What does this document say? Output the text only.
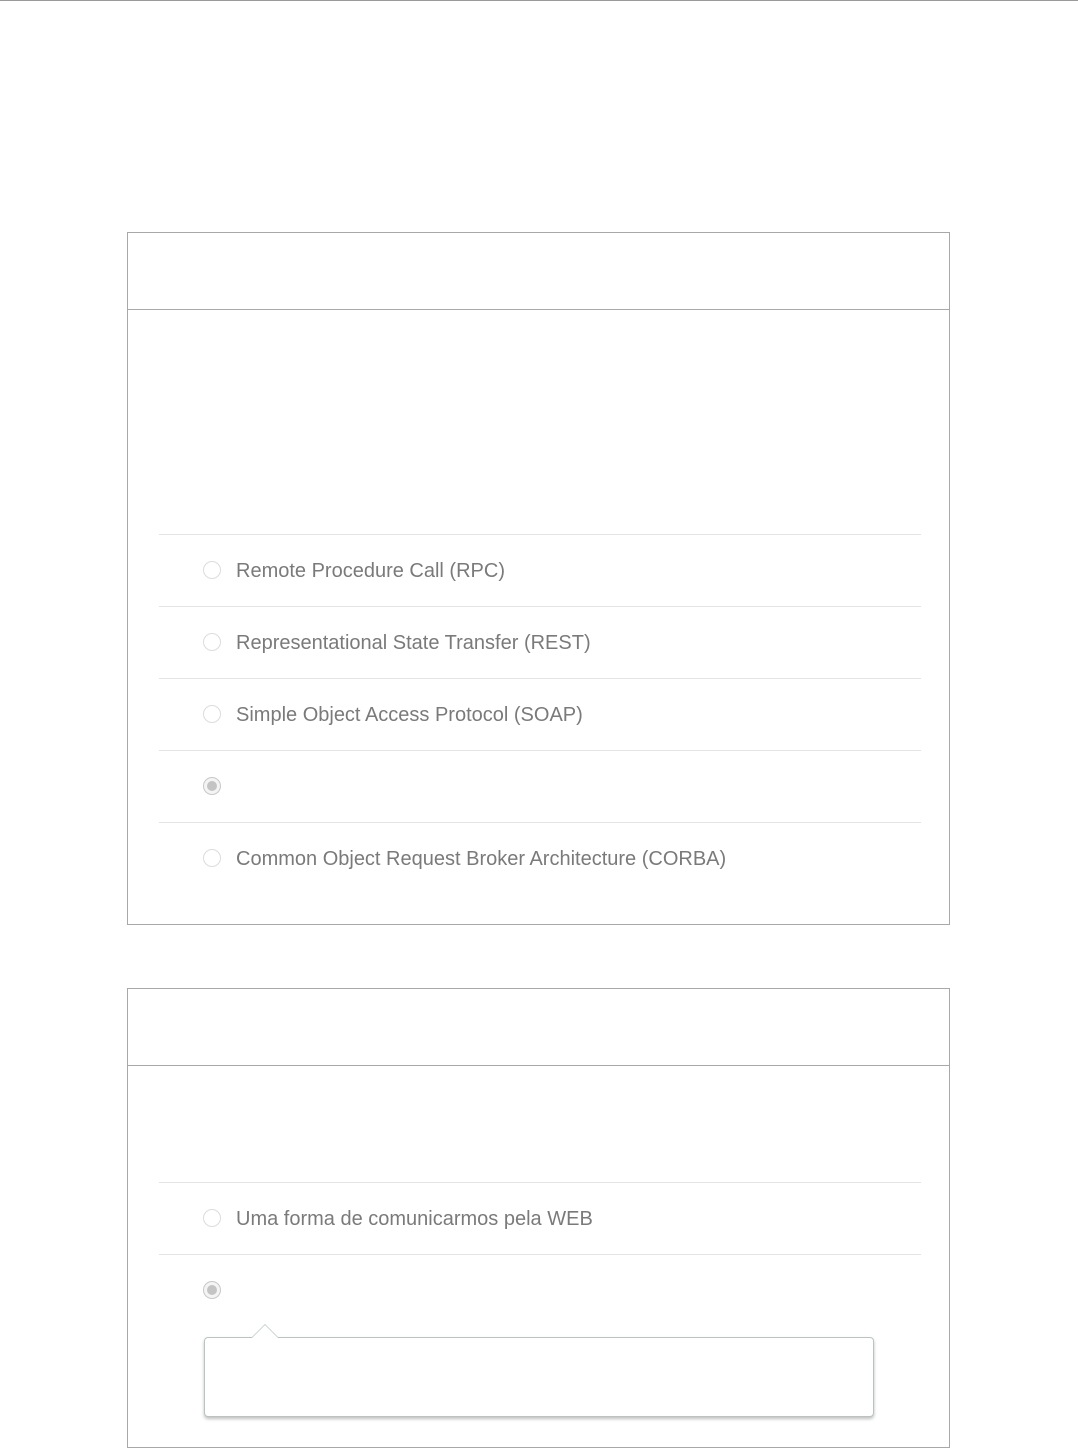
Remote Procedure Call (RPC)
Representational State Transfer (REST)
Simple Object Access Protocol (SOAP)
Common Object Request Broker Architecture (CORBA)
Uma forma de comunicarmos pela WEB
